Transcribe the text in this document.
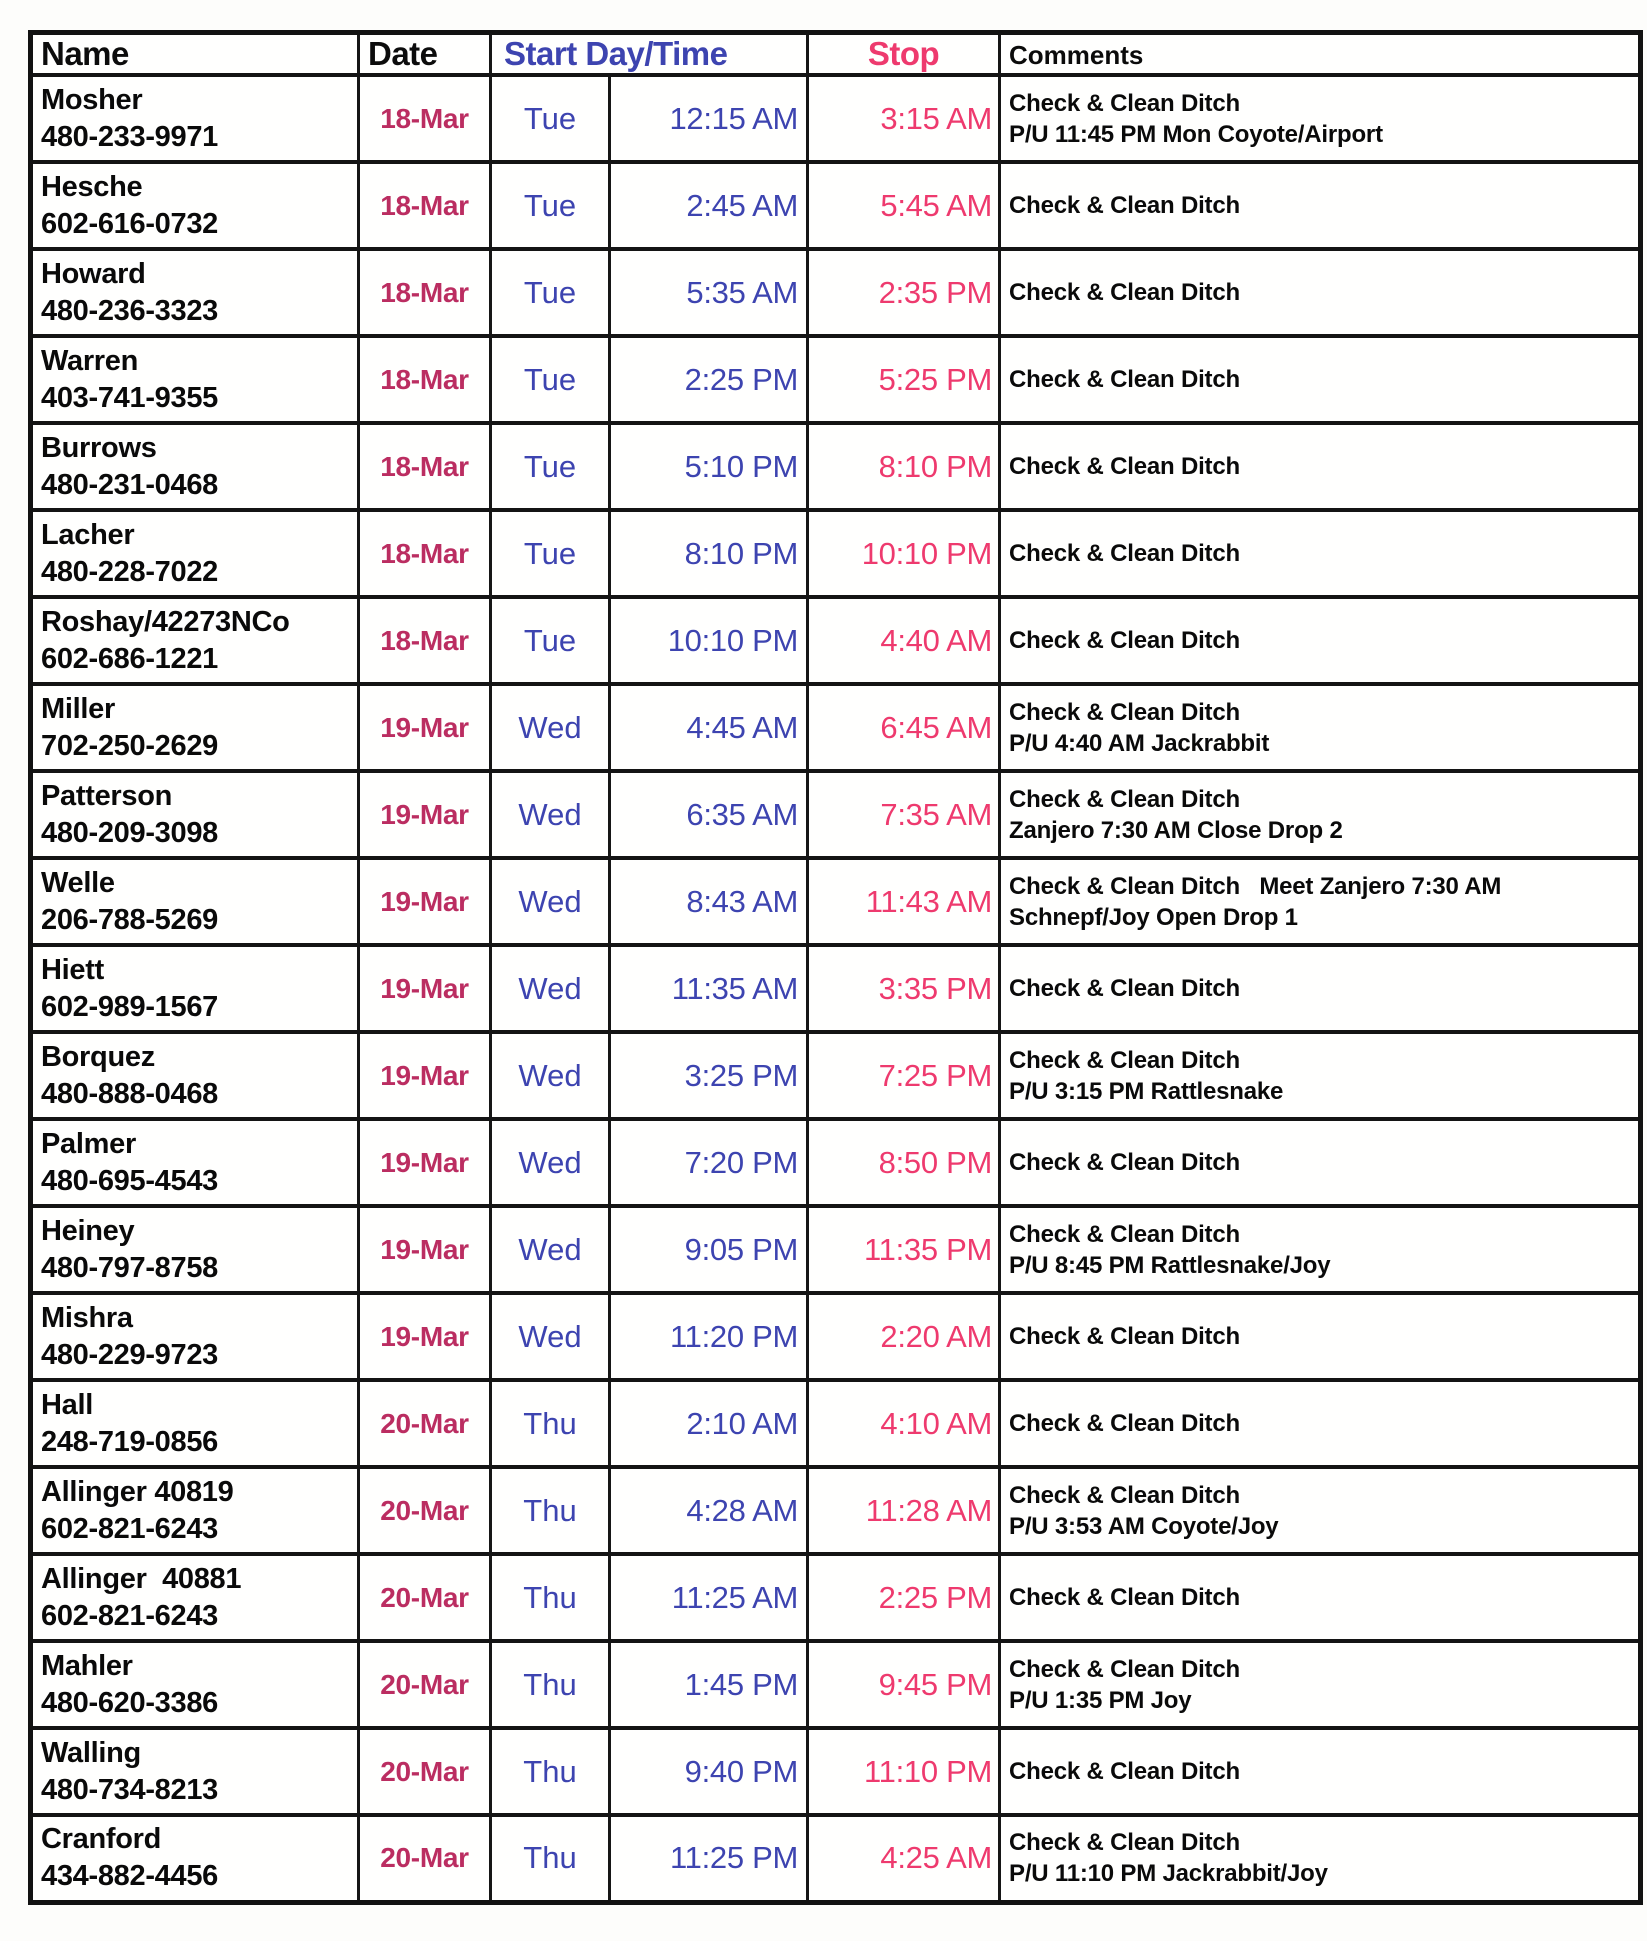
Name	Date	Start Day/Time		Stop	Comments

Mosher
480-233-9971
	18-Mar	Tue	12:15 AM	3:15 AM	Check & Clean Ditch
P/U 11:45 PM Mon Coyote/Airport

Hesche
602-616-0732	18-Mar	Tue	2:45 AM	5:45 AM	Check & Clean Ditch

Howard
480-236-3323	18-Mar	Tue	5:35 AM	2:35 PM	Check & Clean Ditch

Warren
403-741-9355	18-Mar	Tue	2:25 PM	5:25 PM	Check & Clean Ditch

Burrows
480-231-0468	18-Mar	Tue	5:10 PM	8:10 PM	Check & Clean Ditch

Lacher
480-228-7022	18-Mar	Tue	8:10 PM	10:10 PM	Check & Clean Ditch

Roshay/42273NCo
602-686-1221	18-Mar	Tue	10:10 PM	4:40 AM	Check & Clean Ditch

Miller
702-250-2629
	19-Mar	Wed	4:45 AM	6:45 AM	Check & Clean Ditch
P/U 4:40 AM Jackrabbit

Patterson
480-209-3098
	19-Mar	Wed	6:35 AM	7:35 AM	Check & Clean Ditch
Zanjero 7:30 AM Close Drop 2

Welle
206-788-5269
	19-Mar	Wed	8:43 AM	11:43 AM	Check & Clean Ditch   Meet Zanjero 7:30 AM
Schnepf/Joy Open Drop 1

Hiett
602-989-1567	19-Mar	Wed	11:35 AM	3:35 PM	Check & Clean Ditch

Borquez
480-888-0468
	19-Mar	Wed	3:25 PM	7:25 PM	Check & Clean Ditch
P/U 3:15 PM Rattlesnake

Palmer
480-695-4543	19-Mar	Wed	7:20 PM	8:50 PM	Check & Clean Ditch

Heiney
480-797-8758
	19-Mar	Wed	9:05 PM	11:35 PM	Check & Clean Ditch
P/U 8:45 PM Rattlesnake/Joy

Mishra
480-229-9723	19-Mar	Wed	11:20 PM	2:20 AM	Check & Clean Ditch

Hall
248-719-0856	20-Mar	Thu	2:10 AM	4:10 AM	Check & Clean Ditch

Allinger 40819
602-821-6243
	20-Mar	Thu	4:28 AM	11:28 AM	Check & Clean Ditch
P/U 3:53 AM Coyote/Joy

Allinger  40881
602-821-6243	20-Mar	Thu	11:25 AM	2:25 PM	Check & Clean Ditch

Mahler
480-620-3386
	20-Mar	Thu	1:45 PM	9:45 PM	Check & Clean Ditch
P/U 1:35 PM Joy

Walling
480-734-8213	20-Mar	Thu	9:40 PM	11:10 PM	Check & Clean Ditch

Cranford
434-882-4456
	20-Mar	Thu	11:25 PM	4:25 AM	Check & Clean Ditch
P/U 11:10 PM Jackrabbit/Joy
